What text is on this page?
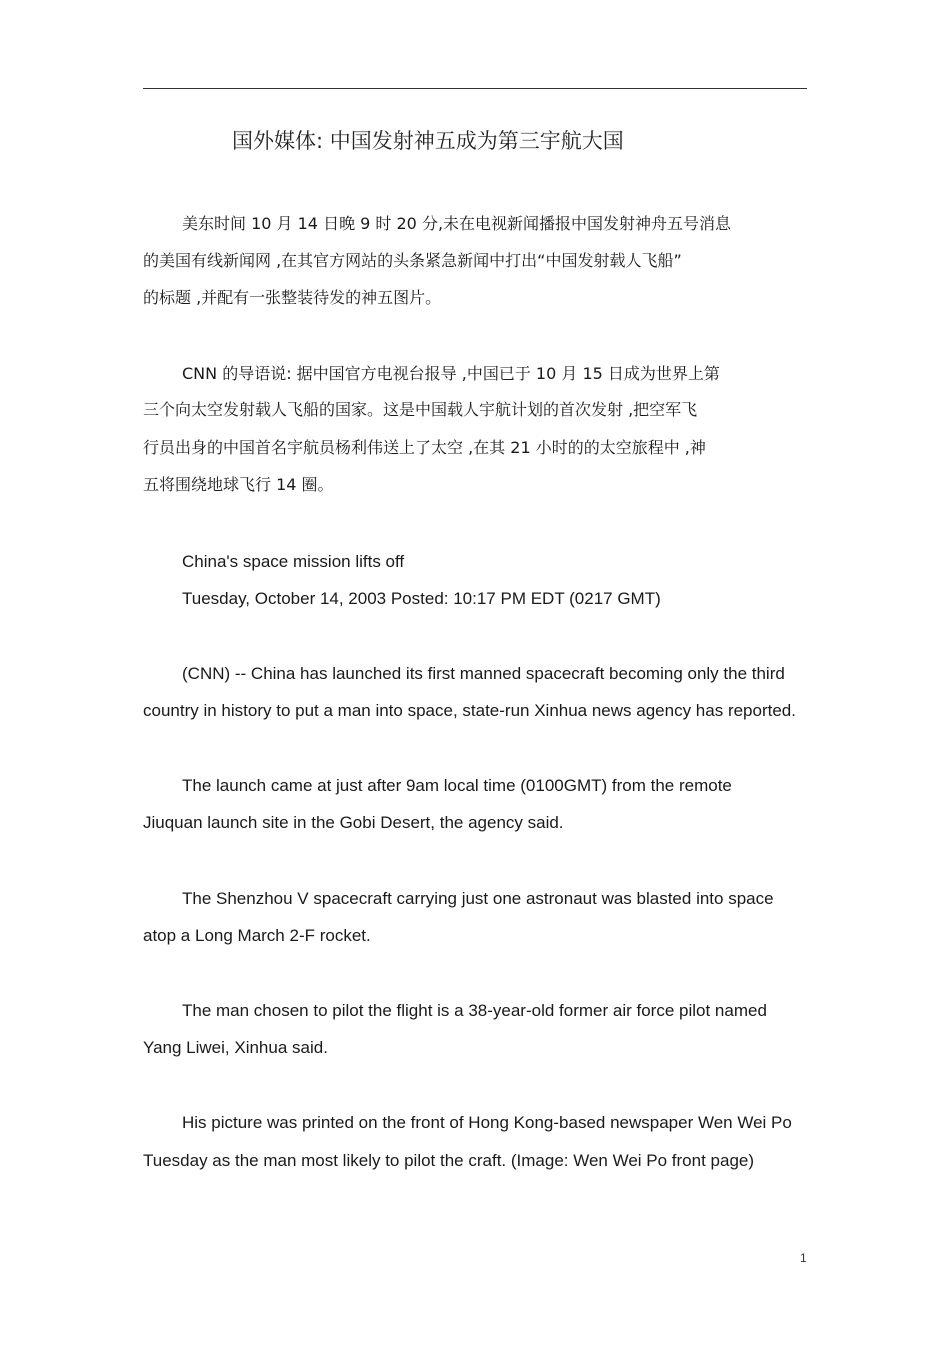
国外媒体: 中国发射神五成为第三宇航大国
美东时间 10 月 14 日晚 9 时 20 分,未在电视新闻播报中国发射神舟五号消息
的美国有线新闻网 ,在其官方网站的头条紧急新闻中打出“中国发射载人飞船”
的标题 ,并配有一张整装待发的神五图片。
CNN 的导语说: 据中国官方电视台报导 ,中国已于 10 月 15 日成为世界上第
三个向太空发射载人飞船的国家。这是中国载人宇航计划的首次发射 ,把空军飞
行员出身的中国首名宇航员杨利伟送上了太空 ,在其 21 小时的的太空旅程中 ,神
五将围绕地球飞行 14 圈。
China's space mission lifts off
Tuesday, October 14, 2003 Posted: 10:17 PM EDT (0217 GMT)
(CNN) -- China has launched its first manned spacecraft becoming only the third
country in history to put a man into space, state-run Xinhua news agency has reported.
The launch came at just after 9am local time (0100GMT) from the remote
Jiuquan launch site in the Gobi Desert, the agency said.
The Shenzhou V spacecraft carrying just one astronaut was blasted into space
atop a Long March 2-F rocket.
The man chosen to pilot the flight is a 38-year-old former air force pilot named
Yang Liwei, Xinhua said.
His picture was printed on the front of Hong Kong-based newspaper Wen Wei Po
Tuesday as the man most likely to pilot the craft. (Image: Wen Wei Po front page)
1
